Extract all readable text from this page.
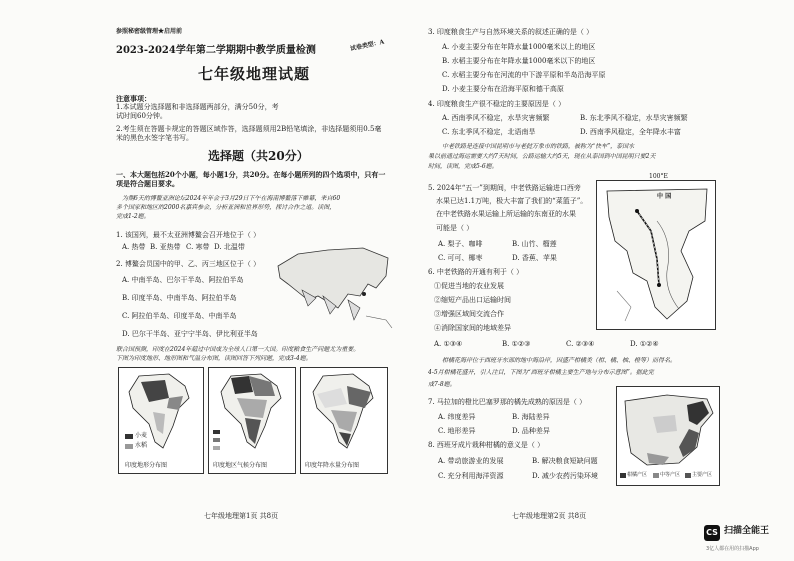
参照秘密级管理★启用前
2023-2024学年第二学期期中教学质量检测	试卷类型：A
七年级地理试题
注意事项：
1.本试题分选择题和非选择题两部分，满分50分，考
试时间60分钟。
2.考生须在答题卡规定的答题区域作答，选择题须用2B铅笔填涂，非选择题须用0.5毫
米的黑色水签字笔书写。
选择题（共20分）
一、本大题包括20个小题，每小题1分，共20分。在每小题所列的四个选项中，只有一
项是符合题目要求。
为期6天的博鳌亚洲论坛2024年年会于3月29日下午在海南博鳌落下帷幕，来自60
多个国家和地区的2000名嘉宾参会，分析亚洲和世界形势，探讨合作之道。读图，
完成1-2题。
1. 该国列，最不太亚洲博鳌会召开地位于（ ）
A. 热带 B. 亚热带 C. 寒带 D. 北温带
2. 博鳌会员国中的甲、乙、丙三地区位于（ ）
A. 中南半岛、巴尔干半岛、阿拉伯半岛
B. 印度半岛、中南半岛、阿拉伯半岛
C. 阿拉伯半岛、印度半岛、中南半岛
D. 巴尔干半岛、亚宁宁半岛、伊比利亚半岛
联合国预测，印度在2024年超过中国成为全球人口第一大国。印度粮食生产问题尤为重要。
下图为印度地形、地形图和气温分布图，读图回答下列问题，完成3-4题。
小麦
水稻
印度地形分布图	印度地区气候分布图	印度年降水量分布图
七年级地理第1页 共8页
3. 印度粮食生产与自然环境关系的叙述正确的是（ ）
A. 小麦主要分布在年降水量1000毫米以上的地区
B. 水稻主要分布在年降水量1000毫米以下的地区
C. 水稻主要分布在河流的中下游平原和半岛沿海平原
D. 小麦主要分布在沿海平原和德干高原
4. 印度粮食生产很不稳定的主要原因是（ ）
A. 西南季风不稳定，水旱灾害频繁	B. 东北季风不稳定，水旱灾害频繁
C. 东北季风不稳定，北语南旱	D. 西南季风稳定，全年降水丰富
中老铁路是连接中国昆明市与老挝万象市的铁路，被称为“快车”，泰国水
果以前通过海运需要大约7天时间，公路运输大约5天，现在从泰国到中国昆明只要2天
时间，读图，完成5-6题。
5. 2024年“五一”到期间，中老铁路运输进口西旁
水果已达1.1万吨，极大丰富了我们的“菜篮子”。
在中老铁路水果运输上所运输的东南亚的水果
可能是（ ）
A. 梨子、咖啡	B. 山竹、榴莲
C. 可可、椰枣	D. 香蕉、苹果
6. 中老铁路的开通有利于（ ）
①促进当地的农业发展
②缩短产品出口运输时间
③增强区域间交流合作
④消除国家间的地域差异
A. ①③④	B. ①②③	C. ②③④	D. ①②④
100°E
中 国
柑橘花海岸位于西班牙东部的地中海沿岸，因盛产柑橘类（柑、橘、柚、橙等）而得名。
4-5月柑橘花盛开，引人注目，下图为“西班牙柑橘主要生产地与分布示意图”。据此完
成7-8题。
7. 马拉加的橙比巴塞罗那的橘先成熟的原因是（ ）
A. 纬度差异	B. 海陆差异
C. 地形差异	D. 品种差异
8. 西班牙成片栽种柑橘的意义是（ ）
A. 带动旅游业的发展	B. 解决粮食短缺问题
C. 充分利用海洋资源	D. 减少农药污染环境	柑橘产区	中等产区 主要产区
七年级地理第2页 共8页
CS 扫描全能王
3亿人都在用的扫描App
